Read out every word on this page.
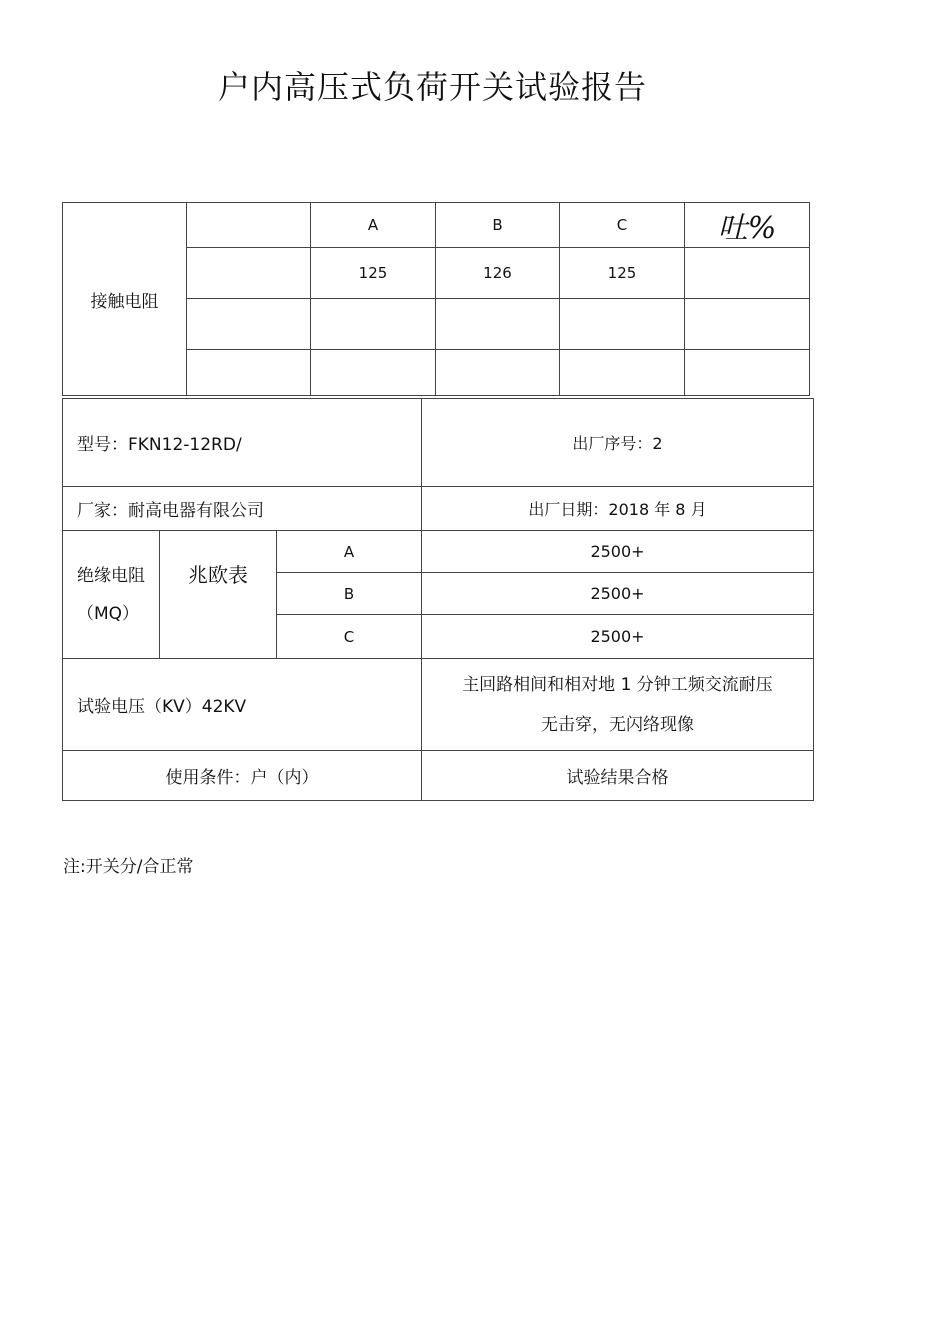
户内高压式负荷开关试验报告
接触电阻		A	B	C	吐%
		125	126	125	

型号：FKN12-12RD/			出厂序号：2
厂家：耐高电器有限公司			出厂日期：2018 年 8 月
绝缘电阻
（MQ）	兆欧表	A	2500+
		B	2500+
		C	2500+
试验电压（KV）42KV			主回路相间和相对地 1 分钟工频交流耐压
无击穿，无闪络现像
使用条件：户（内）			试验结果合格
注:开关分/合正常
